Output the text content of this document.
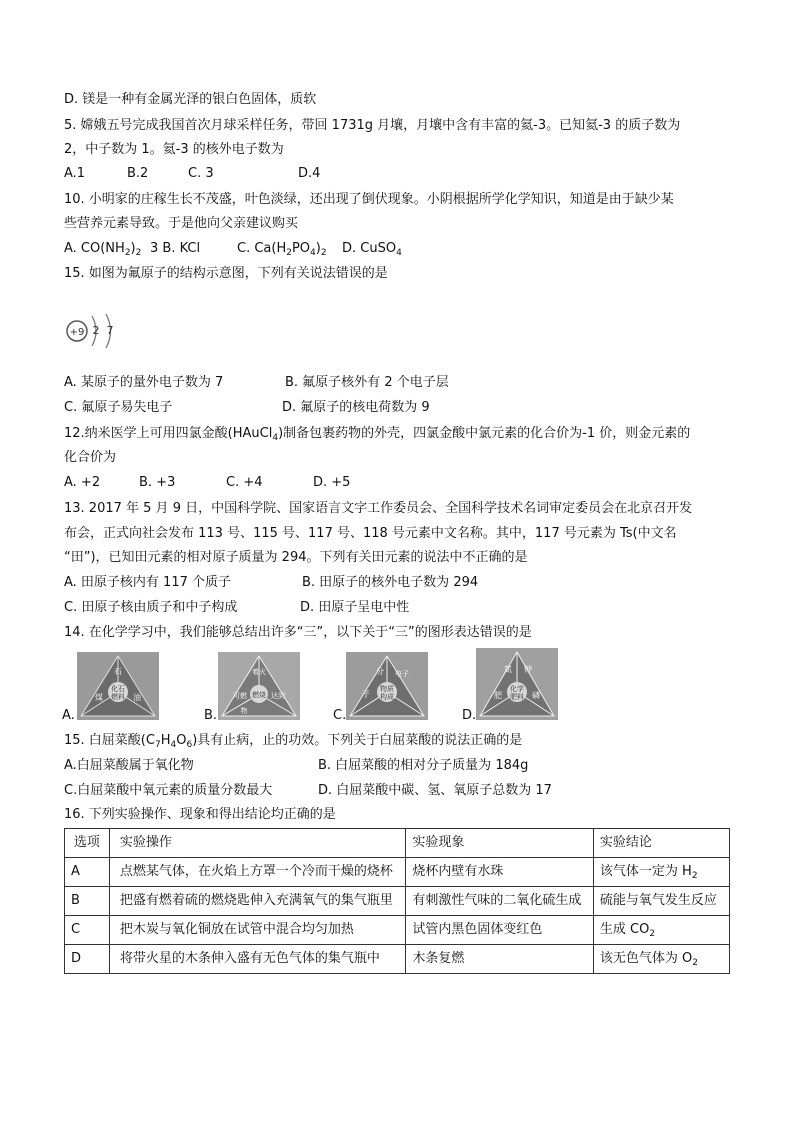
D. 镁是一种有金属光泽的银白色固体，质软
5. 嫦娥五号完成我国首次月球采样任务，带回 1731g 月壤，月壤中含有丰富的氦-3。已知氦-3 的质子数为
2，中子数为 1。氦-3 的核外电子数为
A.1	B.2	C. 3	D.4
10. 小明家的庄稼生长不茂盛，叶色淡绿，还出现了倒伏现象。小阴根据所学化学知识，知道是由于缺少某
些营养元素导致。于是他向父亲建议购买
A. $CO(NH_2)_2$ 3 B. KCl	C. $Ca(H_2PO_4)_2$ D. CuSO$_4$
15. 如图为氟原子的结构示意图，下列有关说法错误的是
+9 2 7
A. 某原子的量外电子数为 7	B. 氟原子核外有 2 个电子层
C. 氟原子易失电子	D. 氟原子的核电荷数为 9
12.纳米医学上可用四氯金酸(HAuCl$_4$)制备包裹药物的外壳，四氯金酸中氯元素的化合价为-1 价，则金元素的
化合价为
A. +2	B. +3	C. +4	D. +5
13. 2017 年 5 月 9 日，中国科学院、国家语言文字工作委员会、全国科学技术名词审定委员会在北京召开发
布会，正式向社会发布 113 号、115 号、117 号、118 号元素中文名称。其中，117 号元素为 Ts(中文名
“田”)，已知田元素的相对原子质量为 294。下列有关田元素的说法中不正确的是
A. 田原子核内有 117 个质子	B. 田原子的核外电子数为 294
C. 田原子核由质子和中子构成	D. 田原子呈电中性
14. 在化学学习中，我们能够总结出许多“三”，以下关于“三”的图形表达错误的是
A.
石
煤	油
化石
燃料
B.
着火
可燃	达到
燃烧
物	C.
分
子
电子
物质
构成
D.
氮 钾
磷
肥
化学
肥料
15. 白屈菜酸$(C_7H_4O_6)$具有止病，止的功效。下列关于白屈菜酸的说法正确的是
A.白屈菜酸属于氧化物	B. 白屈菜酸的相对分子质量为 184g
C.白屈菜酸中氧元素的质量分数最大	D. 白屈菜酸中碳、氢、氧原子总数为 17
16. 下列实验操作、现象和得出结论均正确的是
选项	实验操作	实验现象	实验结论
A	点燃某气体，在火焰上方罩一个冷而干燥的烧杯	烧杯内壁有水珠	该气体一定为 $H_2$
B	把盛有燃着硫的燃烧匙伸入充满氧气的集气瓶里	有刺激性气味的二氧化硫生成	硫能与氧气发生反应
C	把木炭与氧化铜放在试管中混合均匀加热	试管内黑色固体变红色	生成 $CO_2$
D	将带火星的木条伸入盛有无色气体的集气瓶中	木条复燃	该无色气体为 $O_2$
